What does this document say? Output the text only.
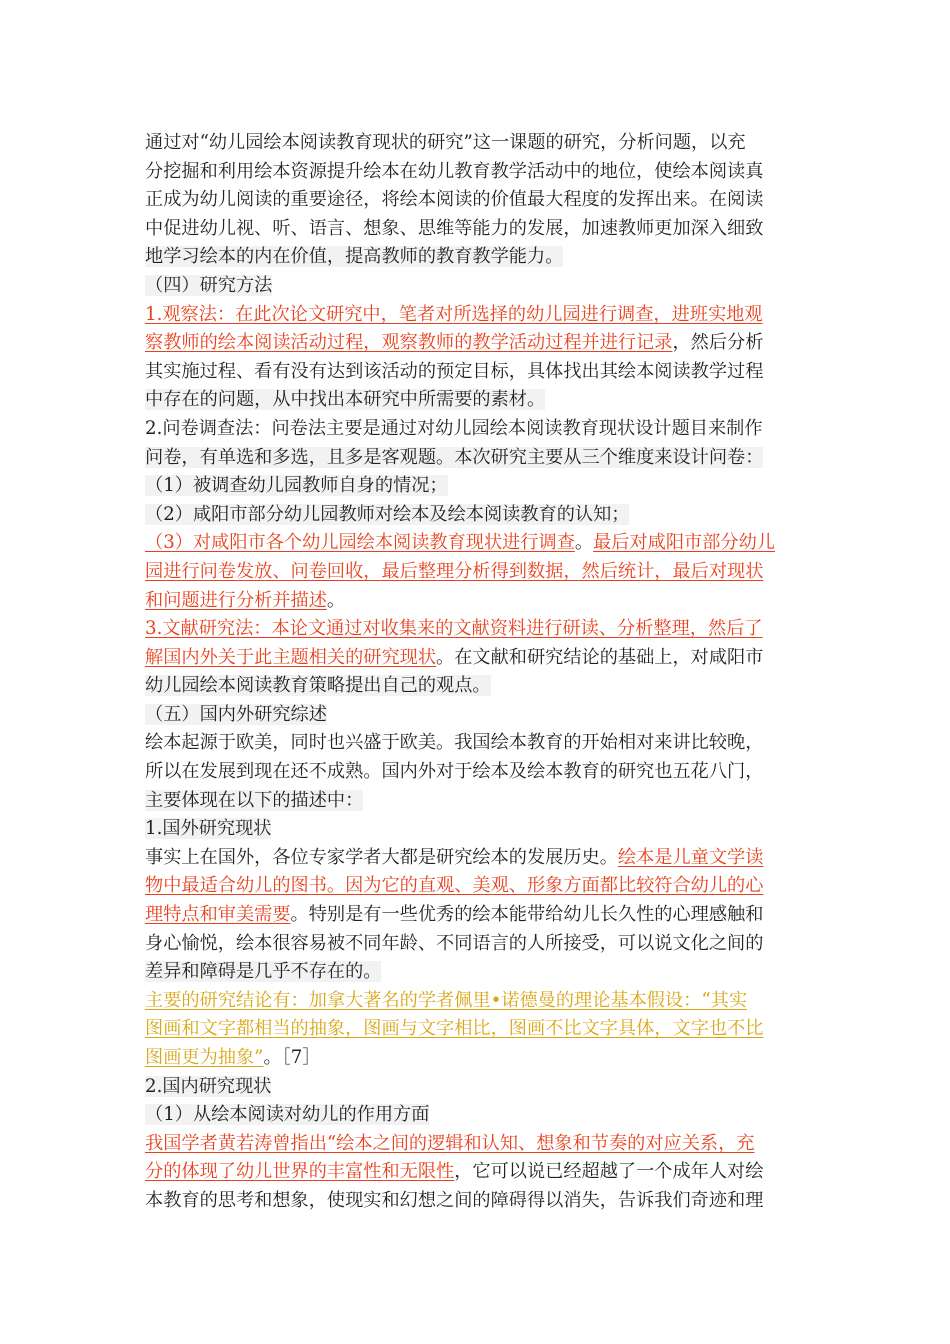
通过对“幼儿园绘本阅读教育现状的研究”这一课题的研究，分析问题，以充
分挖掘和利用绘本资源提升绘本在幼儿教育教学活动中的地位，使绘本阅读真
正成为幼儿阅读的重要途径，将绘本阅读的价值最大程度的发挥出来。在阅读
中促进幼儿视、听、语言、想象、思维等能力的发展，加速教师更加深入细致
地学习绘本的内在价值，提高教师的教育教学能力。
（四）研究方法
1.观察法：在此次论文研究中，笔者对所选择的幼儿园进行调查，进班实地观
察教师的绘本阅读活动过程，观察教师的教学活动过程并进行记录，然后分析
其实施过程、看有没有达到该活动的预定目标，具体找出其绘本阅读教学过程
中存在的问题，从中找出本研究中所需要的素材。
2.问卷调查法：问卷法主要是通过对幼儿园绘本阅读教育现状设计题目来制作
问卷，有单选和多选，且多是客观题。本次研究主要从三个维度来设计问卷：
（1）被调查幼儿园教师自身的情况；
（2）咸阳市部分幼儿园教师对绘本及绘本阅读教育的认知；
（3）对咸阳市各个幼儿园绘本阅读教育现状进行调查。最后对咸阳市部分幼儿
园进行问卷发放、问卷回收，最后整理分析得到数据，然后统计，最后对现状
和问题进行分析并描述。
3.文献研究法：本论文通过对收集来的文献资料进行研读、分析整理，然后了
解国内外关于此主题相关的研究现状。在文献和研究结论的基础上，对咸阳市
幼儿园绘本阅读教育策略提出自己的观点。
（五）国内外研究综述
绘本起源于欧美，同时也兴盛于欧美。我国绘本教育的开始相对来讲比较晚，
所以在发展到现在还不成熟。国内外对于绘本及绘本教育的研究也五花八门，
主要体现在以下的描述中：
1.国外研究现状
事实上在国外，各位专家学者大都是研究绘本的发展历史。绘本是儿童文学读
物中最适合幼儿的图书。因为它的直观、美观、形象方面都比较符合幼儿的心
理特点和审美需要。特别是有一些优秀的绘本能带给幼儿长久性的心理感触和
身心愉悦，绘本很容易被不同年龄、不同语言的人所接受，可以说文化之间的
差异和障碍是几乎不存在的。
主要的研究结论有：加拿大著名的学者佩里•诺德曼的理论基本假设：“其实
图画和文字都相当的抽象，图画与文字相比，图画不比文字具体，文字也不比
图画更为抽象”。［7］
2.国内研究现状
（1）从绘本阅读对幼儿的作用方面
我国学者黄若涛曾指出“绘本之间的逻辑和认知、想象和节奏的对应关系，充
分的体现了幼儿世界的丰富性和无限性，它可以说已经超越了一个成年人对绘
本教育的思考和想象，使现实和幻想之间的障碍得以消失，告诉我们奇迹和理
